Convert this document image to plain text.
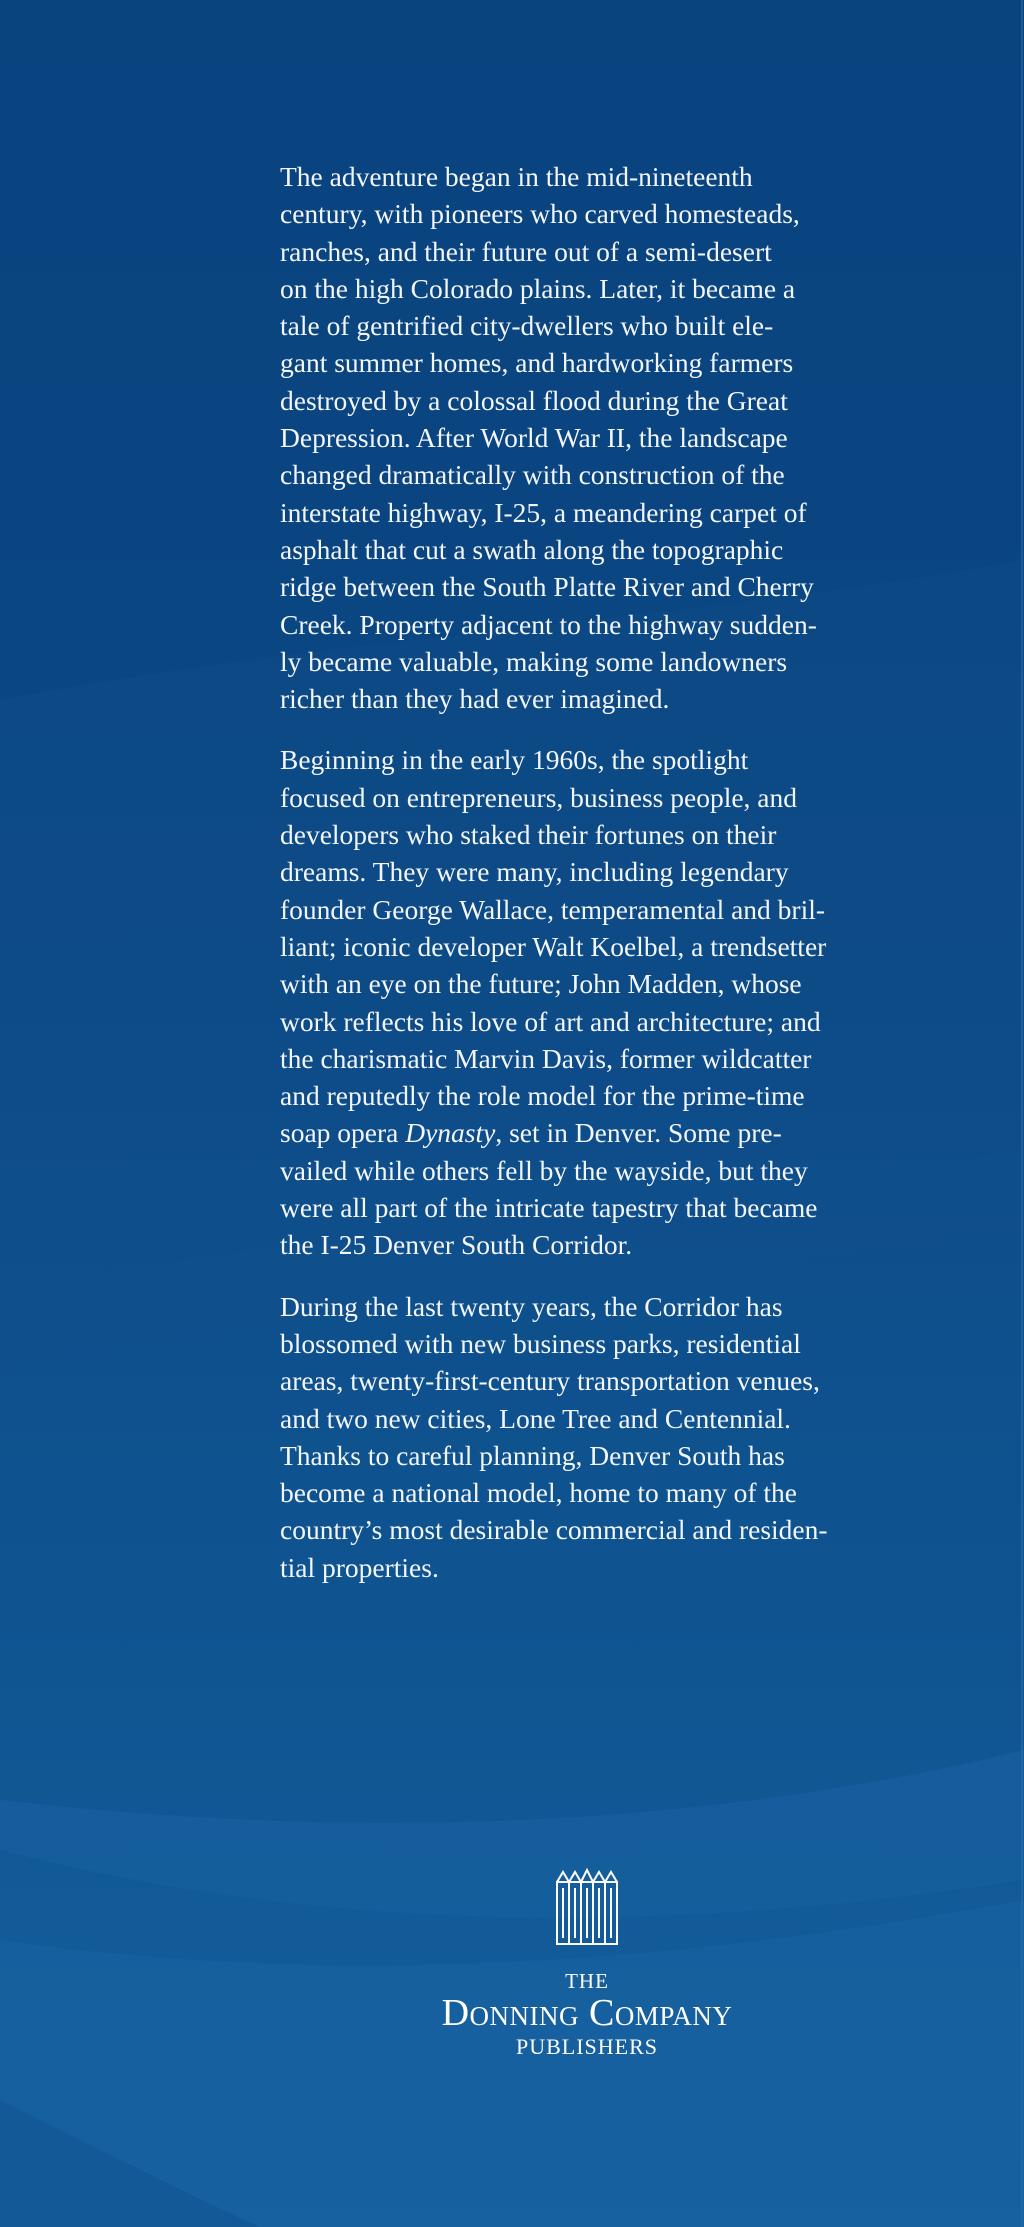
The adventure began in the mid-nineteenth
century, with pioneers who carved homesteads,
ranches, and their future out of a semi-desert
on the high Colorado plains. Later, it became a
tale of gentrified city-dwellers who built ele-
gant summer homes, and hardworking farmers
destroyed by a colossal flood during the Great
Depression. After World War II, the landscape
changed dramatically with construction of the
interstate highway, I-25, a meandering carpet of
asphalt that cut a swath along the topographic
ridge between the South Platte River and Cherry
Creek. Property adjacent to the highway sudden-
ly became valuable, making some landowners
richer than they had ever imagined.

Beginning in the early 1960s, the spotlight
focused on entrepreneurs, business people, and
developers who staked their fortunes on their
dreams. They were many, including legendary
founder George Wallace, temperamental and bril-
liant; iconic developer Walt Koelbel, a trendsetter
with an eye on the future; John Madden, whose
work reflects his love of art and architecture; and
the charismatic Marvin Davis, former wildcatter
and reputedly the role model for the prime-time
soap opera Dynasty, set in Denver. Some pre-
vailed while others fell by the wayside, but they
were all part of the intricate tapestry that became
the I-25 Denver South Corridor.

During the last twenty years, the Corridor has
blossomed with new business parks, residential
areas, twenty-first-century transportation venues,
and two new cities, Lone Tree and Centennial.
Thanks to careful planning, Denver South has
become a national model, home to many of the
country’s most desirable commercial and residen-
tial properties.

THE
Donning Company
PUBLISHERS
